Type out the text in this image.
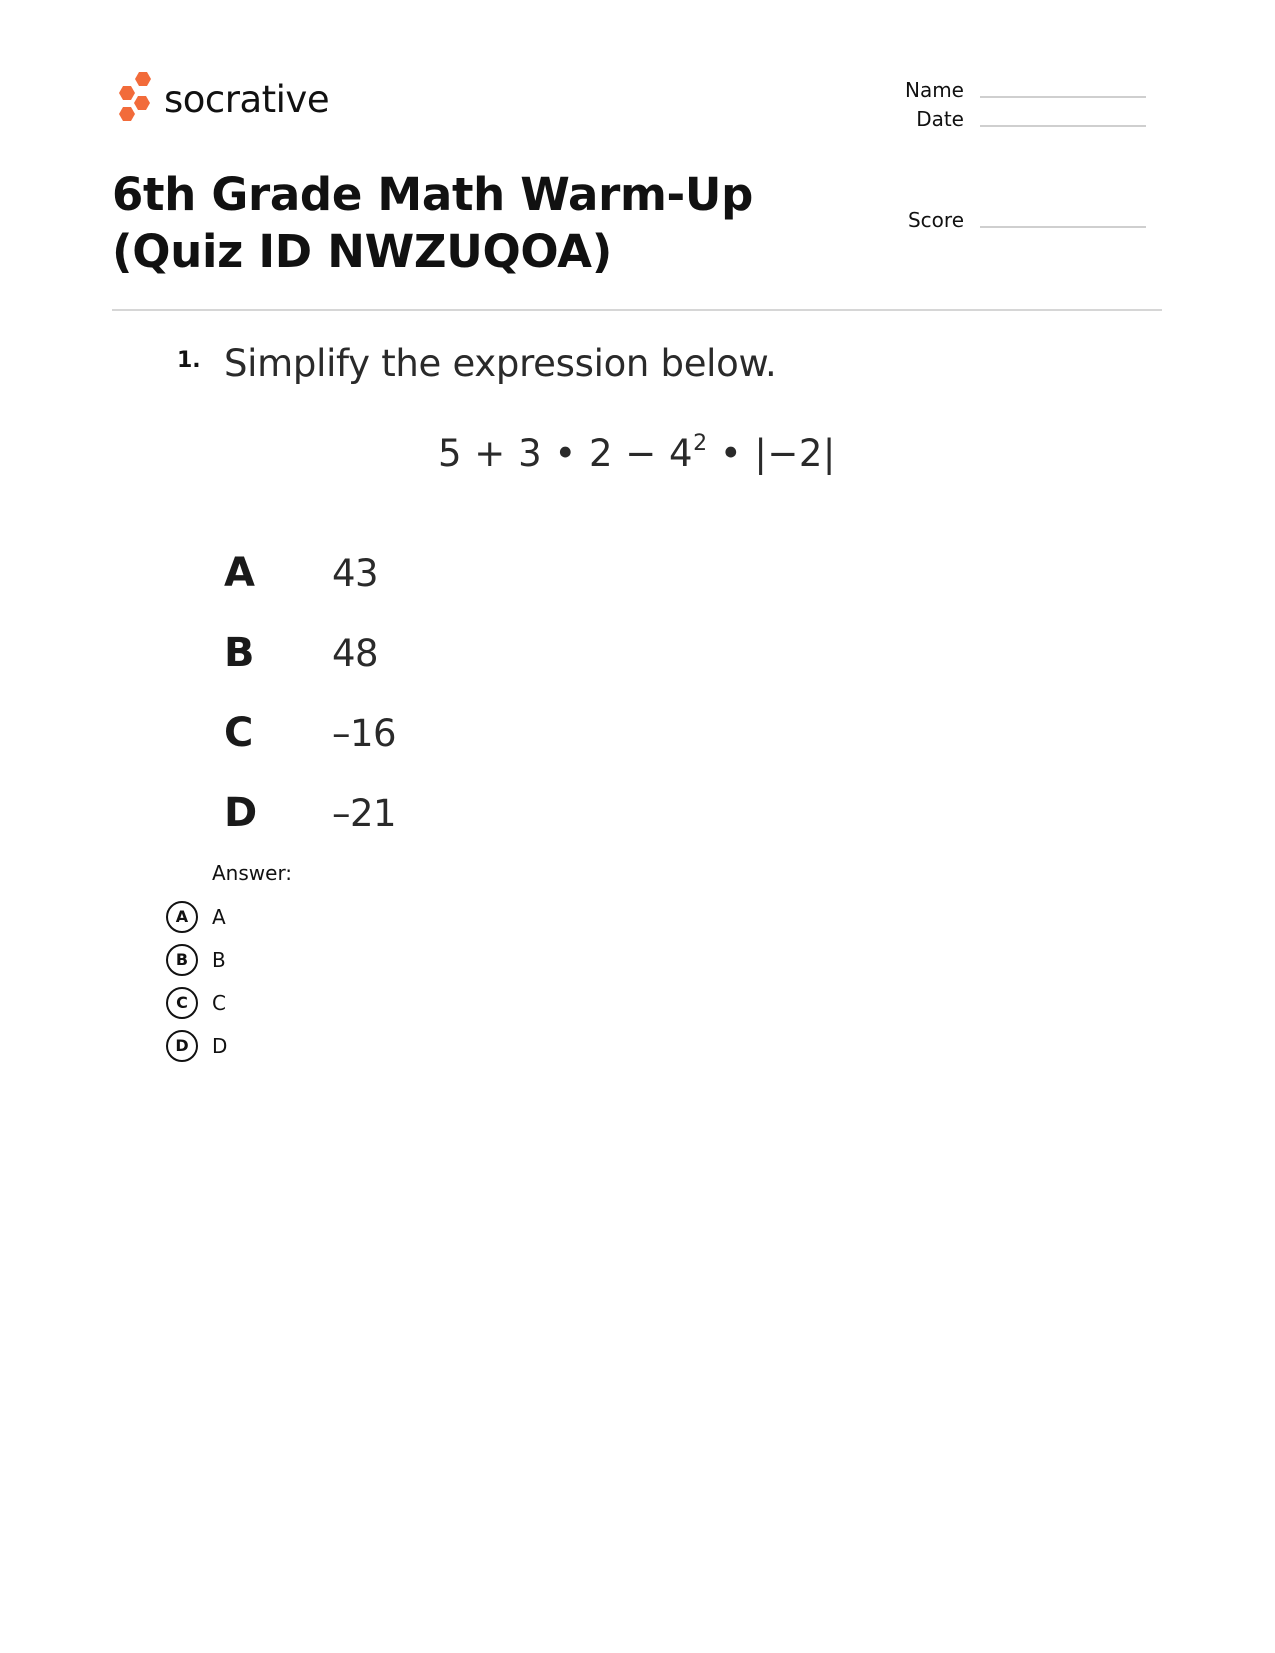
socrative	Name
Date
Score
6th Grade Math Warm-Up (Quiz ID NWZUQOA)
1. Simplify the expression below.
5 + 3 • $2 - 4^2$ • |−2|
A	43
B	48
C	–16
D	–21
Answer:
A	A
B	B
C	C
D	D
